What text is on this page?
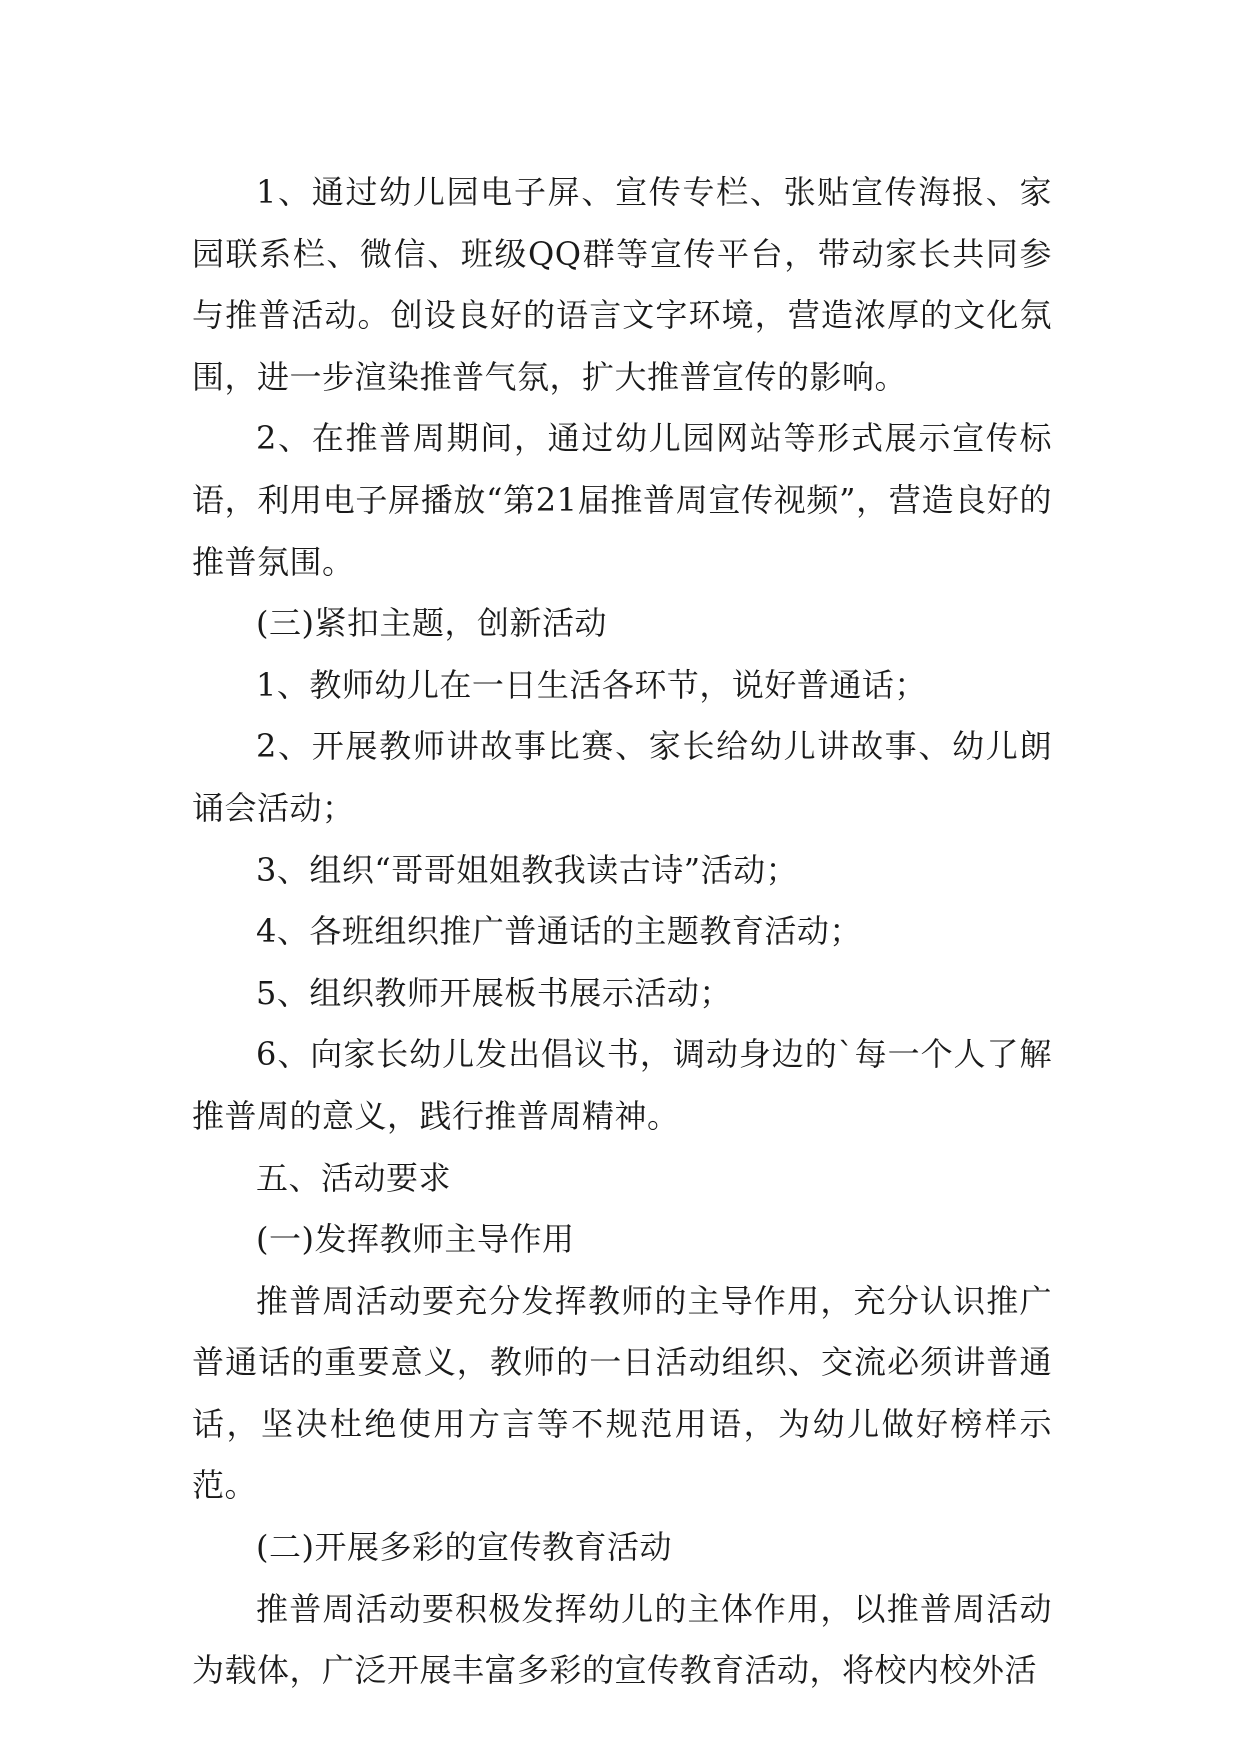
1、通过幼儿园电子屏、宣传专栏、张贴宣传海报、家园联系栏、微信、班级QQ群等宣传平台，带动家长共同参与推普活动。创设良好的语言文字环境，营造浓厚的文化氛围，进一步渲染推普气氛，扩大推普宣传的影响。

2、在推普周期间，通过幼儿园网站等形式展示宣传标语，利用电子屏播放“第21届推普周宣传视频”，营造良好的推普氛围。

(三)紧扣主题，创新活动

1、教师幼儿在一日生活各环节，说好普通话；

2、开展教师讲故事比赛、家长给幼儿讲故事、幼儿朗诵会活动；

3、组织“哥哥姐姐教我读古诗”活动；

4、各班组织推广普通话的主题教育活动；

5、组织教师开展板书展示活动；

6、向家长幼儿发出倡议书，调动身边的`每一个人了解推普周的意义，践行推普周精神。

五、活动要求

(一)发挥教师主导作用

推普周活动要充分发挥教师的主导作用，充分认识推广普通话的重要意义，教师的一日活动组织、交流必须讲普通话，坚决杜绝使用方言等不规范用语，为幼儿做好榜样示范。

(二)开展多彩的宣传教育活动

推普周活动要积极发挥幼儿的主体作用，以推普周活动为载体，广泛开展丰富多彩的宣传教育活动，将校内校外活
